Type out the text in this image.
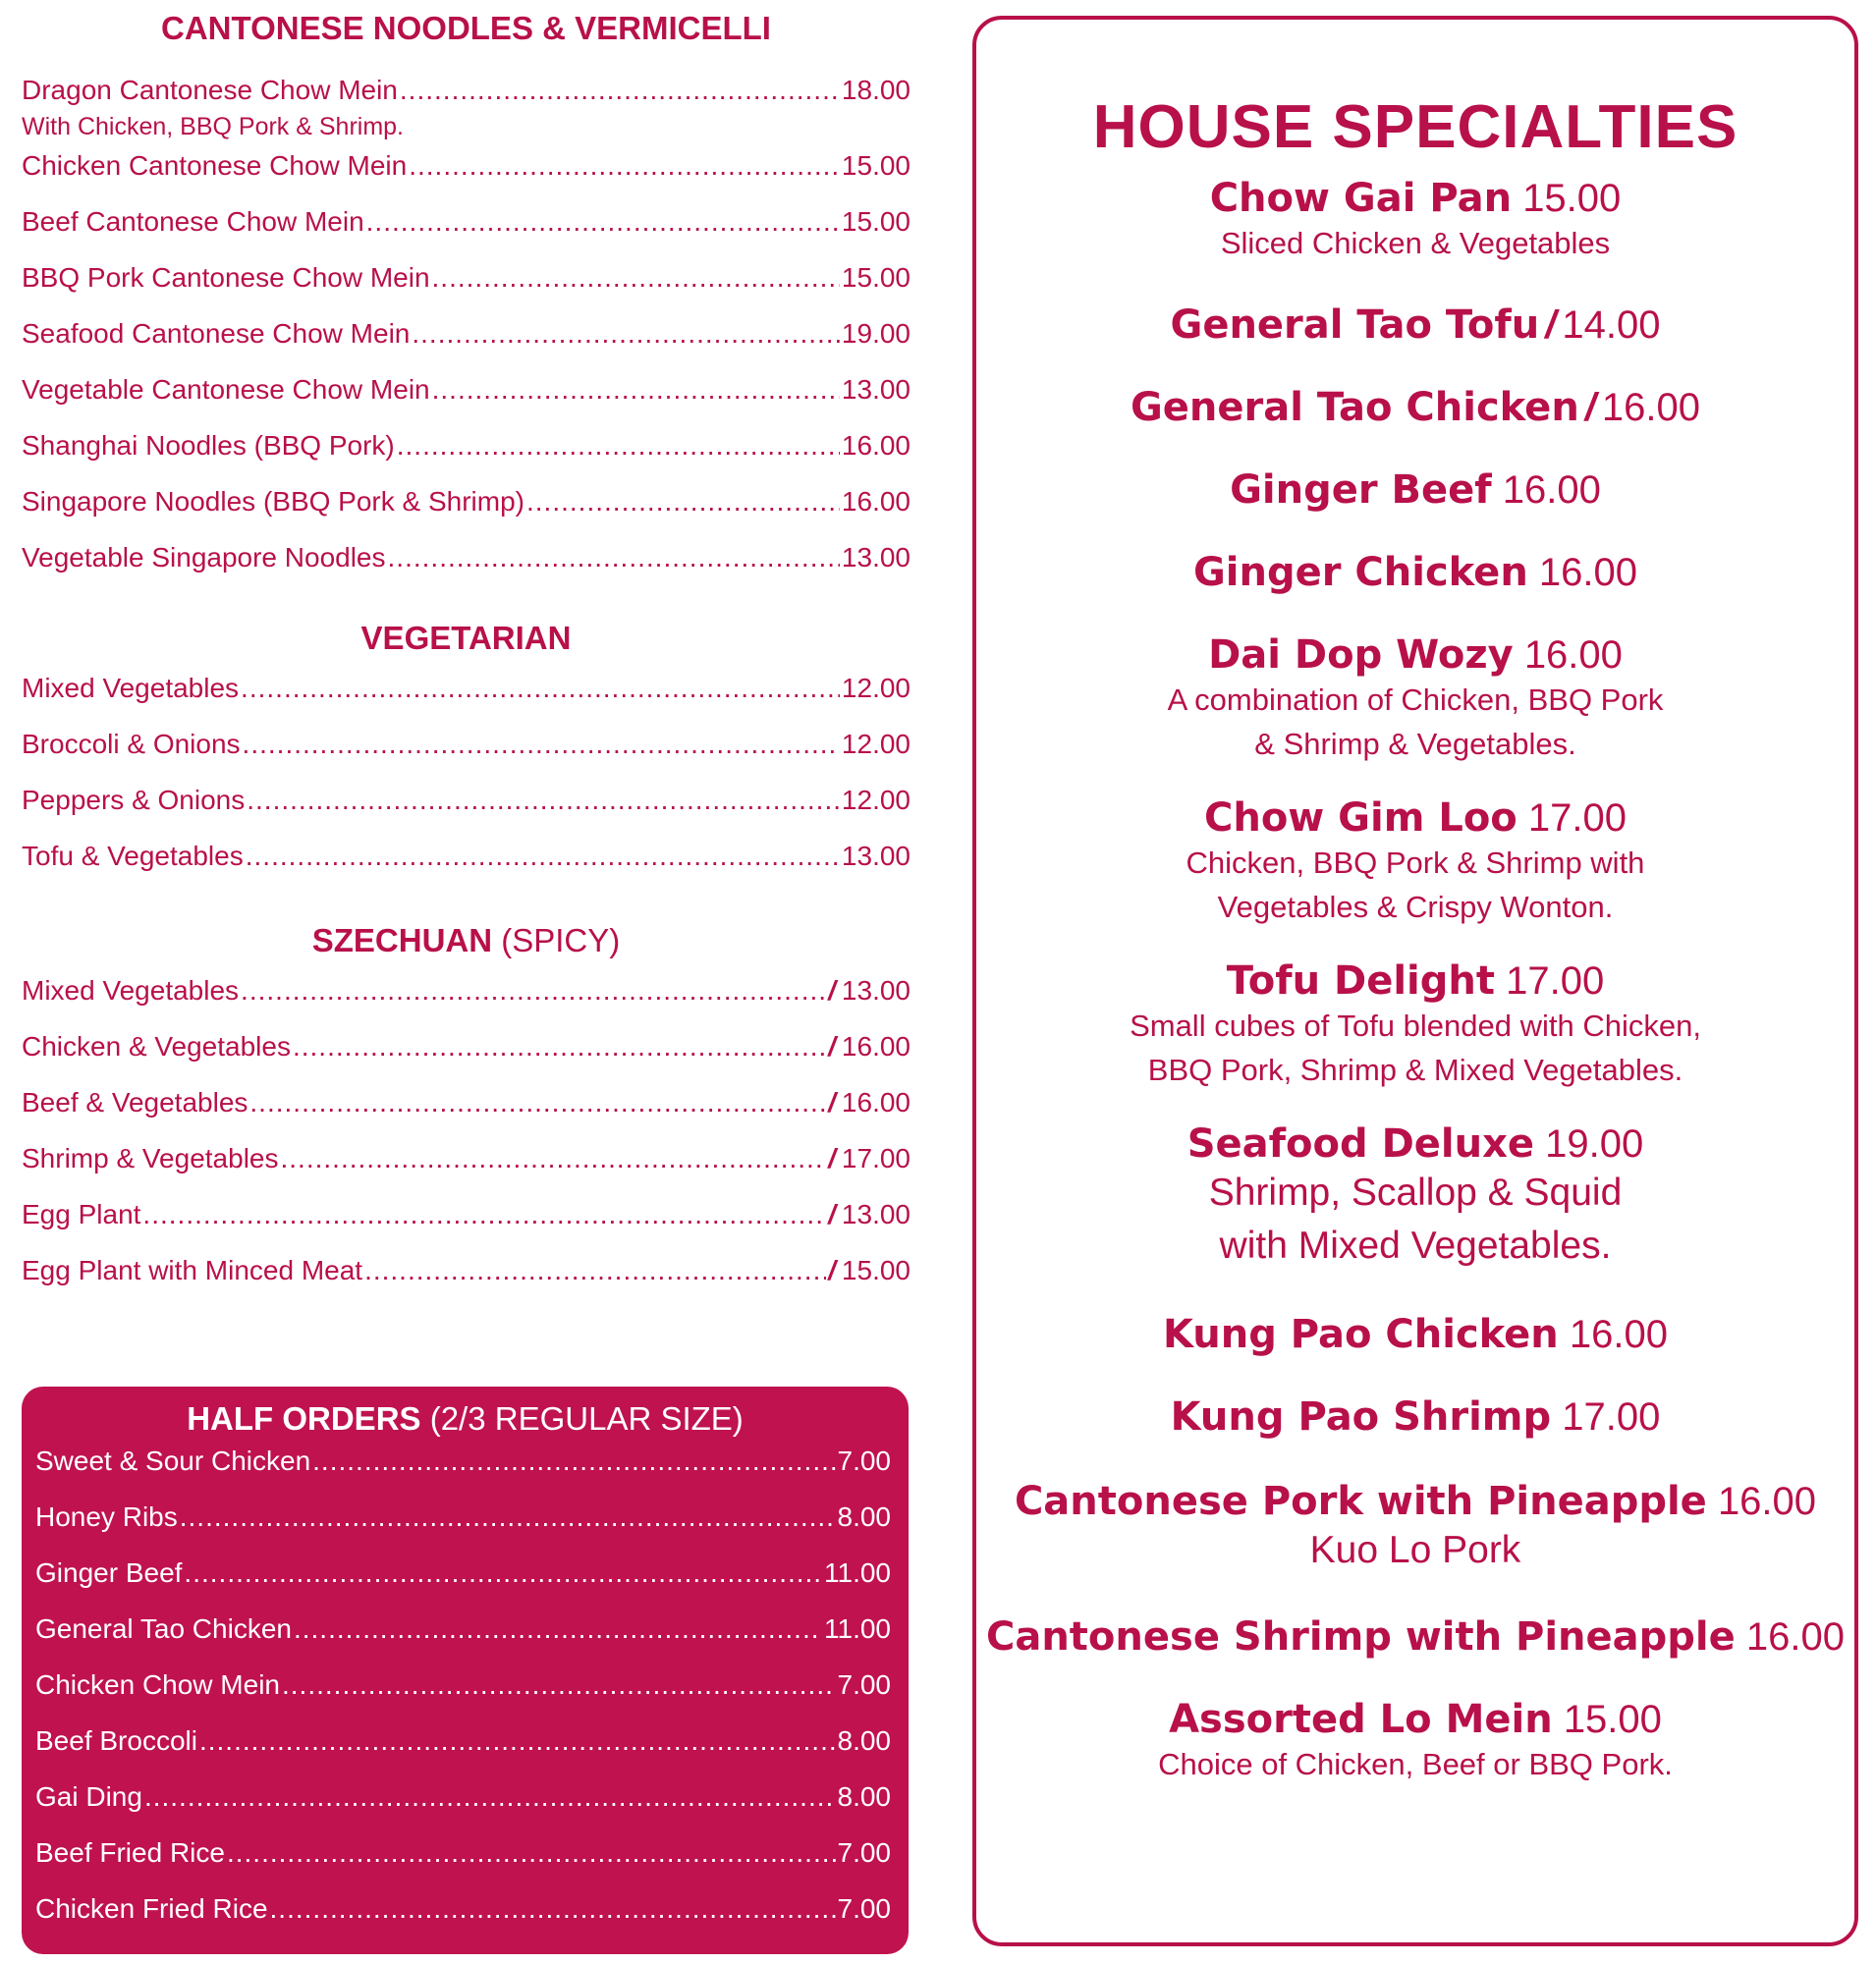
CANTONESE NOODLES & VERMICELLI
Dragon Cantonese Chow Mein .....	18.00
With Chicken, BBQ Pork & Shrimp.
Chicken Cantonese Chow Mein .....	15.00
Beef Cantonese Chow Mein .....	15.00
BBQ Pork Cantonese Chow Mein .....	15.00
Seafood Cantonese Chow Mein .....	19.00
Vegetable Cantonese Chow Mein .....	13.00
Shanghai Noodles (BBQ Pork) .....	16.00
Singapore Noodles (BBQ Pork & Shrimp) .....	16.00
Vegetable Singapore Noodles .....	13.00
VEGETARIAN
Mixed Vegetables .....	12.00
Broccoli & Onions .....	12.00
Peppers & Onions .....	12.00
Tofu & Vegetables .....	13.00
SZECHUAN (SPICY)
Mixed Vegetables .....	/ 13.00
Chicken & Vegetables .....	/ 16.00
Beef & Vegetables .....	/ 16.00
Shrimp & Vegetables .....	/ 17.00
Egg Plant .....	/ 13.00
Egg Plant with Minced Meat .....	/ 15.00
HALF ORDERS (2/3 REGULAR SIZE)
Sweet & Sour Chicken .....	7.00
Honey Ribs .....	8.00
Ginger Beef .....	11.00
General Tao Chicken .....	11.00
Chicken Chow Mein .....	7.00
Beef Broccoli .....	8.00
Gai Ding .....	8.00
Beef Fried Rice .....	7.00
Chicken Fried Rice .....	7.00
HOUSE SPECIALTIES
Chow Gai Pan 15.00
Sliced Chicken & Vegetables
General Tao Tofu / 14.00
General Tao Chicken / 16.00
Ginger Beef 16.00
Ginger Chicken 16.00
Dai Dop Wozy 16.00
A combination of Chicken, BBQ Pork
& Shrimp & Vegetables.
Chow Gim Loo 17.00
Chicken, BBQ Pork & Shrimp with
Vegetables & Crispy Wonton.
Tofu Delight 17.00
Small cubes of Tofu blended with Chicken,
BBQ Pork, Shrimp & Mixed Vegetables.
Seafood Deluxe 19.00
Shrimp, Scallop & Squid
with Mixed Vegetables.
Kung Pao Chicken 16.00
Kung Pao Shrimp 17.00
Cantonese Pork with Pineapple 16.00
Kuo Lo Pork
Cantonese Shrimp with Pineapple 16.00
Assorted Lo Mein 15.00
Choice of Chicken, Beef or BBQ Pork.
